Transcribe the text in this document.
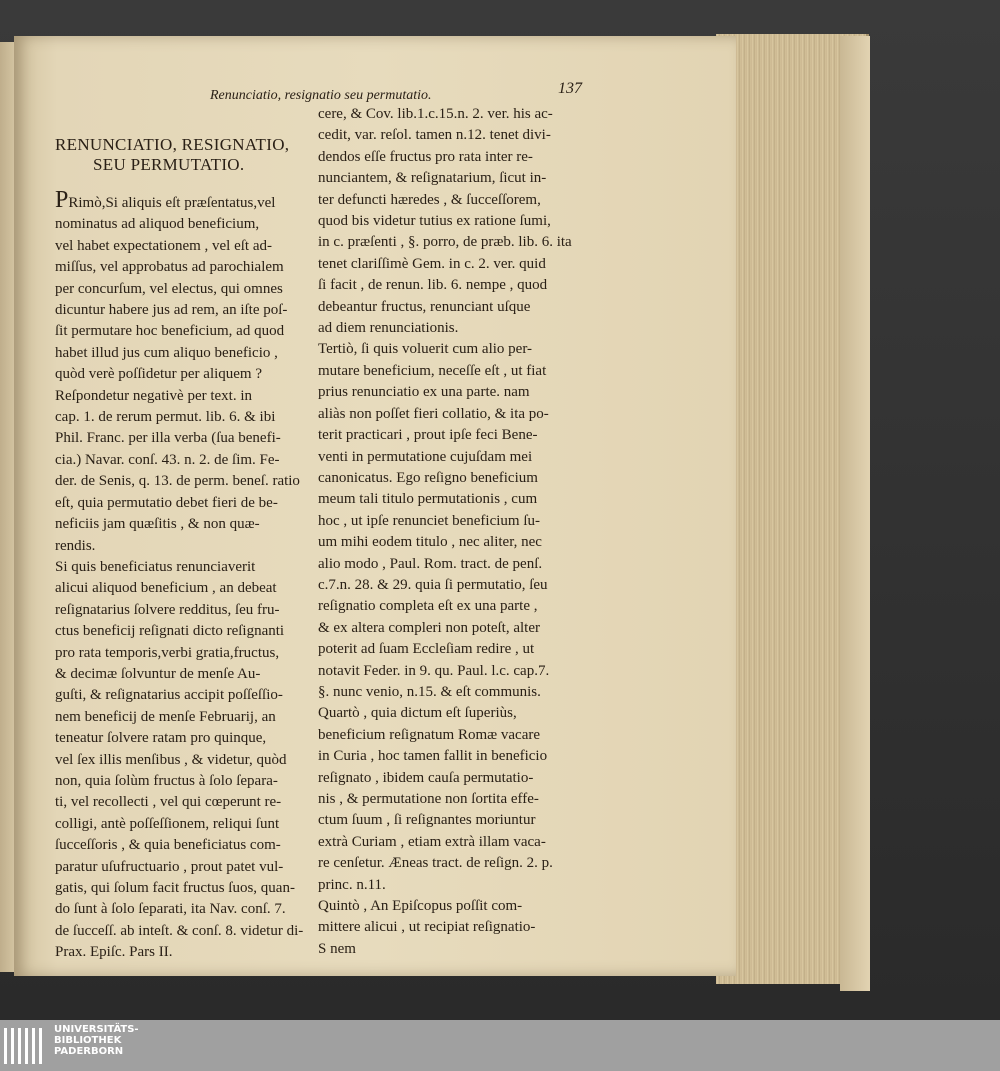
Renunciatio, resignatio seu permutatio.	137
RENUNCIATIO, RESIGNATIO,
SEU PERMUTATIO.
PRimò,Si aliquis eſt præſentatus,vel
nominatus ad aliquod beneficium,
vel habet expectationem , vel eſt ad-
miſſus, vel approbatus ad parochialem
per concurſum, vel electus, qui omnes
dicuntur habere jus ad rem, an iſte poſ-
ſit permutare hoc beneficium, ad quod
habet illud jus cum aliquo beneficio ,
quòd verè poſſidetur per aliquem ?
Reſpondetur negativè per text. in
cap. 1. de rerum permut. lib. 6. & ibi
Phil. Franc. per illa verba (ſua benefi-
cia.) Navar. conſ. 43. n. 2. de ſim. Fe-
der. de Senis, q. 13. de perm. beneſ. ratio
eſt, quia permutatio debet fieri de be-
neficiis jam quæſitis , & non quæ-
rendis.
Si quis beneficiatus renunciaverit
alicui aliquod beneficium , an debeat
reſignatarius ſolvere redditus, ſeu fru-
ctus beneficij reſignati dicto reſignanti
pro rata temporis,verbi gratia,fructus,
& decimæ ſolvuntur de menſe Au-
guſti, & reſignatarius accipit poſſeſſio-
nem beneficij de menſe Februarij, an
teneatur ſolvere ratam pro quinque,
vel ſex illis menſibus , & videtur, quòd
non, quia ſolùm fructus à ſolo ſepara-
ti, vel recollecti , vel qui cœperunt re-
colligi, antè poſſeſſionem, reliqui ſunt
ſucceſſoris , & quia beneficiatus com-
paratur uſufructuario , prout patet vul-
gatis, qui ſolum facit fructus ſuos, quan-
do ſunt à ſolo ſeparati, ita Nav. conſ. 7.
de ſucceſſ. ab inteſt. & conſ. 8. videtur di-
Prax. Epiſc. Pars II.
cere, & Cov. lib.1.c.15.n. 2. ver. his ac-
cedit, var. reſol. tamen n.12. tenet divi-
dendos eſſe fructus pro rata inter re-
nunciantem, & reſignatarium, ſicut in-
ter defuncti hæredes , & ſucceſſorem,
quod bis videtur tutius ex ratione ſumi,
in c. præſenti , §. porro, de præb. lib. 6. ita
tenet clariſſimè Gem. in c. 2. ver. quid
ſi facit , de renun. lib. 6. nempe , quod
debeantur fructus, renunciant uſque
ad diem renunciationis.
Tertiò, ſi quis voluerit cum alio per-
mutare beneficium, neceſſe eſt , ut fiat
prius renunciatio ex una parte. nam
aliàs non poſſet fieri collatio, & ita po-
terit practicari , prout ipſe feci Bene-
venti in permutatione cujuſdam mei
canonicatus. Ego reſigno beneficium
meum tali titulo permutationis , cum
hoc , ut ipſe renunciet beneficium ſu-
um mihi eodem titulo , nec aliter, nec
alio modo , Paul. Rom. tract. de penſ.
c.7.n. 28. & 29. quia ſi permutatio, ſeu
reſignatio completa eſt ex una parte ,
& ex altera compleri non poteſt, alter
poterit ad ſuam Eccleſiam redire , ut
notavit Feder. in 9. qu. Paul. l.c. cap.7.
§. nunc venio, n.15. & eſt communis.
Quartò , quia dictum eſt ſuperiùs,
beneficium reſignatum Romæ vacare
in Curia , hoc tamen fallit in beneficio
reſignato , ibidem cauſa permutatio-
nis , & permutatione non ſortita effe-
ctum ſuum , ſi reſignantes moriuntur
extrà Curiam , etiam extrà illam vaca-
re cenſetur. Æneas tract. de reſign. 2. p.
princ. n.11.
Quintò , An Epiſcopus poſſit com-
mittere alicui , ut recipiat reſignatio-
S nem
UNIVERSITÄTS-
BIBLIOTHEK
PADERBORN
